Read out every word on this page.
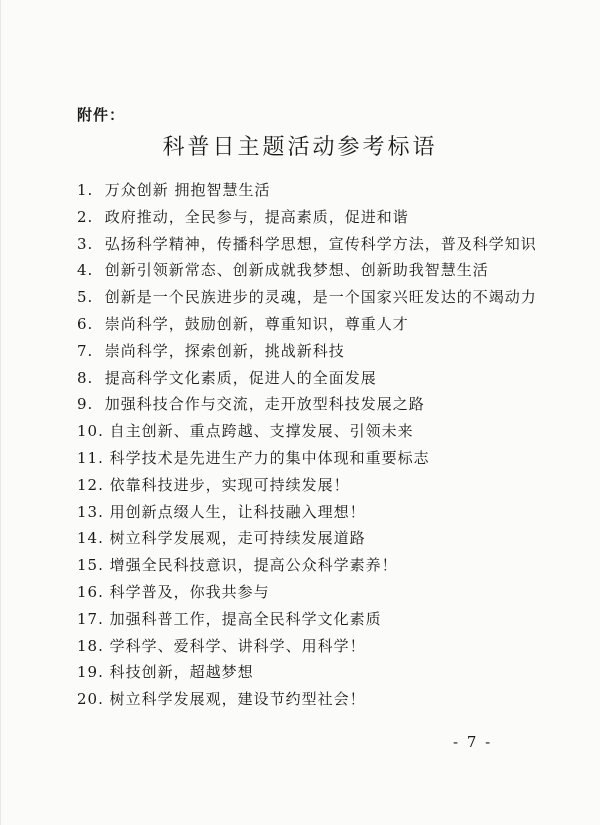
附件：
科普日主题活动参考标语
1. 万众创新 拥抱智慧生活
2. 政府推动，全民参与，提高素质，促进和谐
3. 弘扬科学精神，传播科学思想，宣传科学方法，普及科学知识
4. 创新引领新常态、创新成就我梦想、创新助我智慧生活
5. 创新是一个民族进步的灵魂，是一个国家兴旺发达的不竭动力
6. 崇尚科学，鼓励创新，尊重知识，尊重人才
7. 崇尚科学，探索创新，挑战新科技
8. 提高科学文化素质，促进人的全面发展
9. 加强科技合作与交流，走开放型科技发展之路
10. 自主创新、重点跨越、支撑发展、引领未来
11. 科学技术是先进生产力的集中体现和重要标志
12. 依靠科技进步，实现可持续发展！
13. 用创新点缀人生，让科技融入理想！
14. 树立科学发展观，走可持续发展道路
15. 增强全民科技意识，提高公众科学素养！
16. 科学普及，你我共参与
17. 加强科普工作，提高全民科学文化素质
18. 学科学、爱科学、讲科学、用科学！
19. 科技创新，超越梦想
20. 树立科学发展观，建设节约型社会！
- 7 -
